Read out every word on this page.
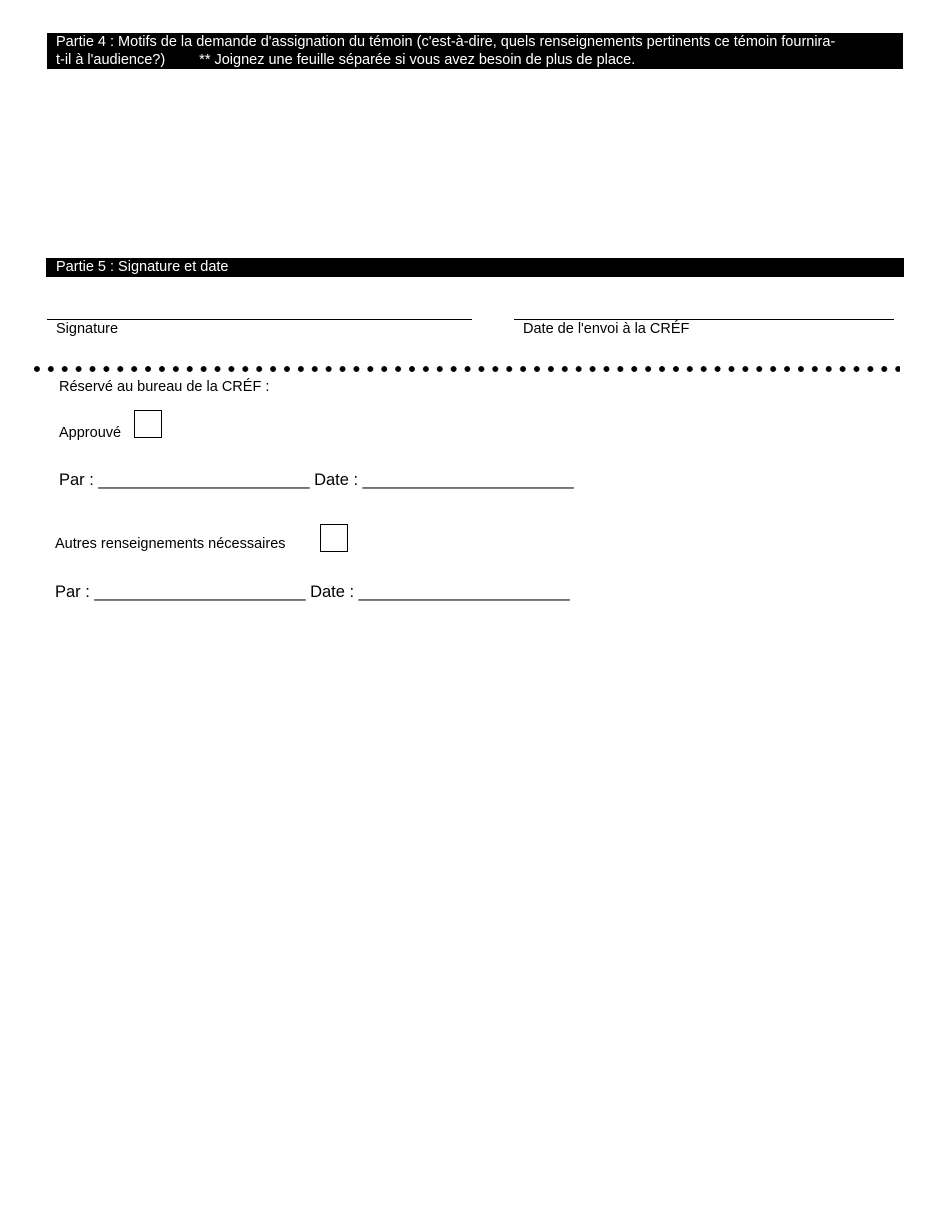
Partie 4 : Motifs de la demande d'assignation du témoin (c'est-à-dire, quels renseignements pertinents ce témoin fournira-
t-il à l'audience?) ** Joignez une feuille séparée si vous avez besoin de plus de place.
Partie 5 : Signature et date
Signature	Date de l'envoi à la CRÉF
Réservé au bureau de la CRÉF :
Approuvé
Par : _______________________ Date : _______________________
Autres renseignements nécessaires
Par : _______________________ Date : _______________________
